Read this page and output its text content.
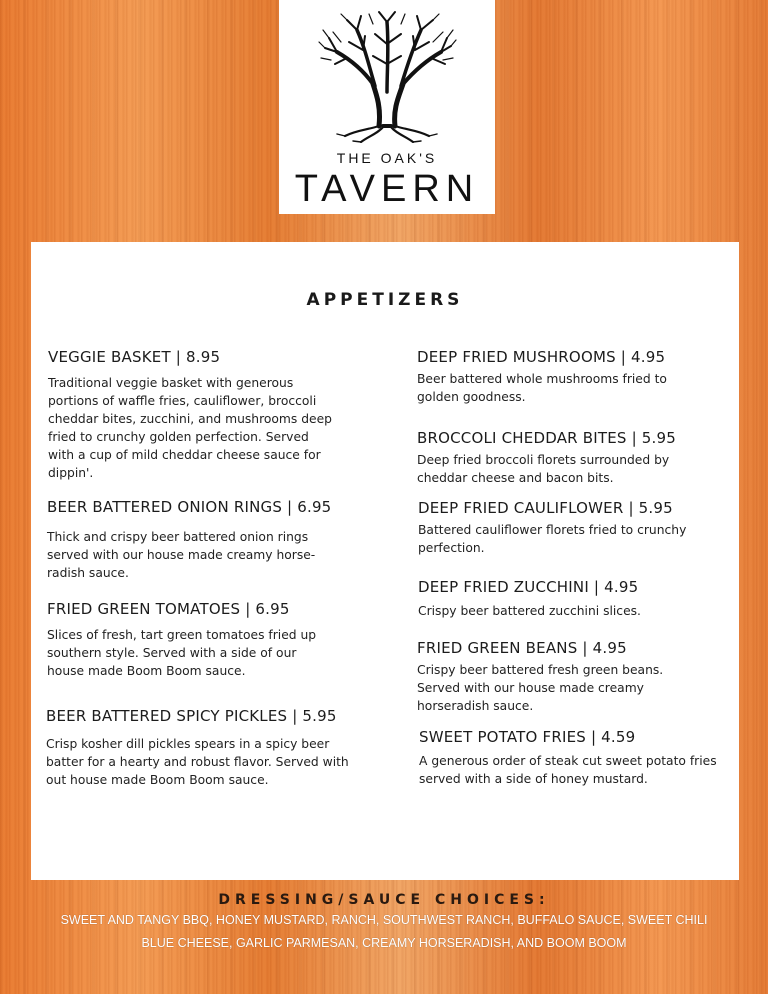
THE OAK'S
TAVERN
APPETIZERS
VEGGIE BASKET | 8.95
Traditional veggie basket with generous portions of waffle fries, cauliflower, broccoli cheddar bites, zucchini, and mushrooms deep fried to crunchy golden perfection. Served with a cup of mild cheddar cheese sauce for dippin'.
BEER BATTERED ONION RINGS | 6.95
Thick and crispy beer battered onion rings served with our house made creamy horse-radish sauce.
FRIED GREEN TOMATOES | 6.95
Slices of fresh, tart green tomatoes fried up southern style. Served with a side of our house made Boom Boom sauce.
BEER BATTERED SPICY PICKLES | 5.95
Crisp kosher dill pickles spears in a spicy beer batter for a hearty and robust flavor. Served with out house made Boom Boom sauce.
DEEP FRIED MUSHROOMS | 4.95
Beer battered whole mushrooms fried to golden goodness.
BROCCOLI CHEDDAR BITES | 5.95
Deep fried broccoli florets surrounded by cheddar cheese and bacon bits.
DEEP FRIED CAULIFLOWER | 5.95
Battered cauliflower florets fried to crunchy perfection.
DEEP FRIED ZUCCHINI | 4.95
Crispy beer battered zucchini slices.
FRIED GREEN BEANS | 4.95
Crispy beer battered fresh green beans. Served with our house made creamy horseradish sauce.
SWEET POTATO FRIES | 4.59
A generous order of steak cut sweet potato fries served with a side of honey mustard.
DRESSING/SAUCE CHOICES:
SWEET AND TANGY BBQ, HONEY MUSTARD, RANCH, SOUTHWEST RANCH, BUFFALO SAUCE, SWEET CHILI
BLUE CHEESE, GARLIC PARMESAN, CREAMY HORSERADISH, AND BOOM BOOM
